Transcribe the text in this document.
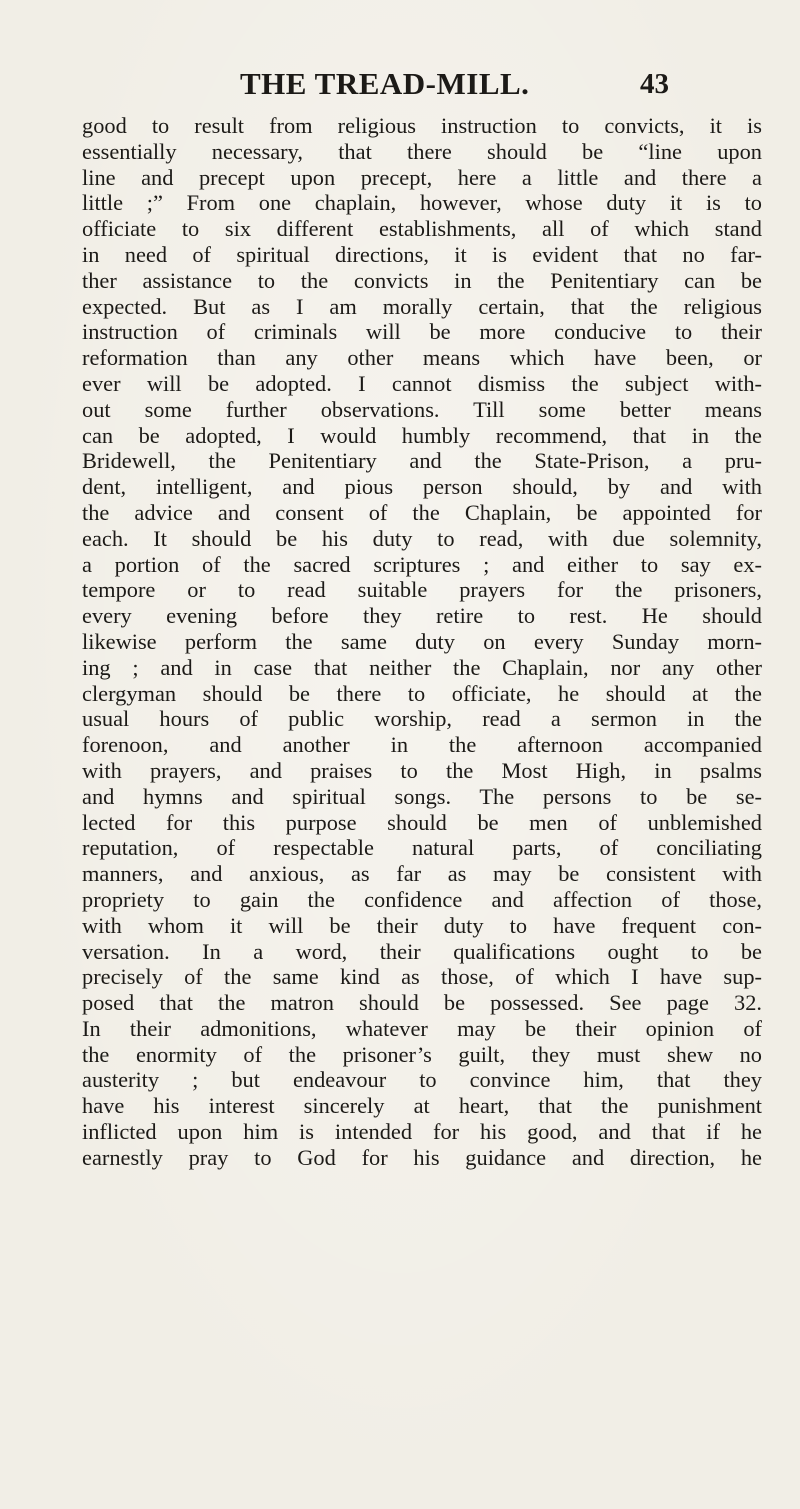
THE TREAD-MILL.	43
good to result from religious instruction to convicts, it is
essentially necessary, that there should be “line upon
line and precept upon precept, here a little and there a
little ;” From one chaplain, however, whose duty it is to
officiate to six different establishments, all of which stand
in need of spiritual directions, it is evident that no far-
ther assistance to the convicts in the Penitentiary can be
expected. But as I am morally certain, that the religious
instruction of criminals will be more conducive to their
reformation than any other means which have been, or
ever will be adopted. I cannot dismiss the subject with-
out some further observations. Till some better means
can be adopted, I would humbly recommend, that in the
Bridewell, the Penitentiary and the State-Prison, a pru-
dent, intelligent, and pious person should, by and with
the advice and consent of the Chaplain, be appointed for
each. It should be his duty to read, with due solemnity,
a portion of the sacred scriptures ; and either to say ex-
tempore or to read suitable prayers for the prisoners,
every evening before they retire to rest. He should
likewise perform the same duty on every Sunday morn-
ing ; and in case that neither the Chaplain, nor any other
clergyman should be there to officiate, he should at the
usual hours of public worship, read a sermon in the
forenoon, and another in the afternoon accompanied
with prayers, and praises to the Most High, in psalms
and hymns and spiritual songs. The persons to be se-
lected for this purpose should be men of unblemished
reputation, of respectable natural parts, of conciliating
manners, and anxious, as far as may be consistent with
propriety to gain the confidence and affection of those,
with whom it will be their duty to have frequent con-
versation. In a word, their qualifications ought to be
precisely of the same kind as those, of which I have sup-
posed that the matron should be possessed. See page 32.
In their admonitions, whatever may be their opinion of
the enormity of the prisoner’s guilt, they must shew no
austerity ; but endeavour to convince him, that they
have his interest sincerely at heart, that the punishment
inflicted upon him is intended for his good, and that if he
earnestly pray to God for his guidance and direction, he
